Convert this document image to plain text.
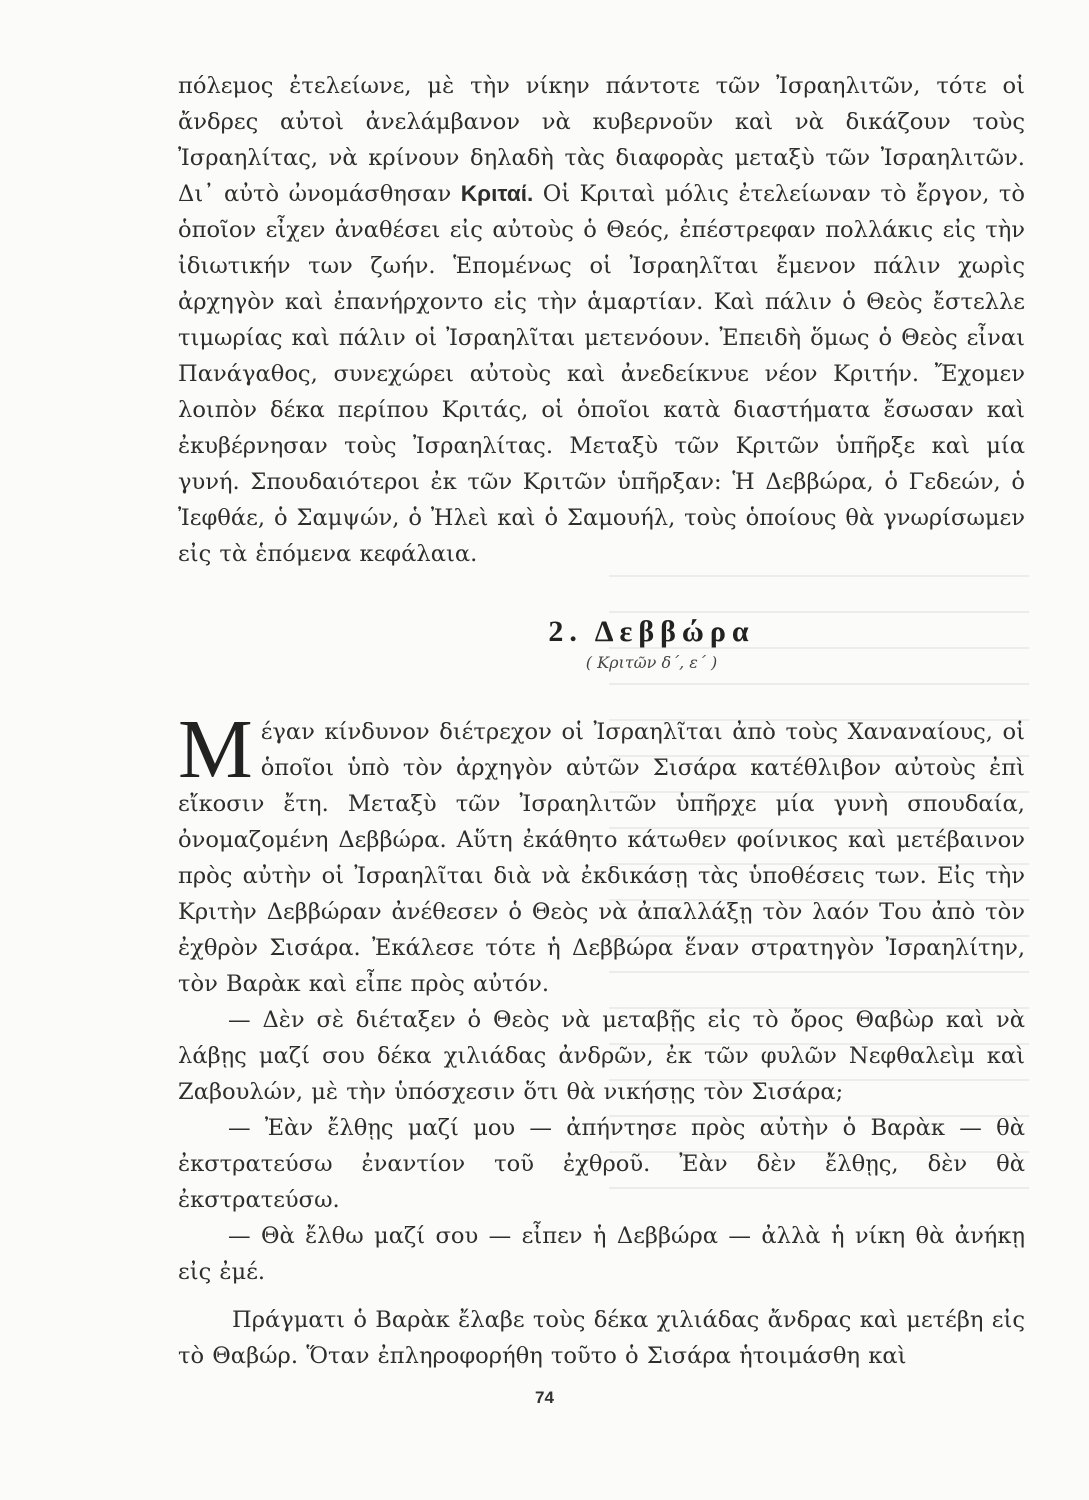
πόλεμος ἐτελείωνε, μὲ τὴν νίκην πάντοτε τῶν Ἰσραηλιτῶν, τότε οἱ ἄνδρες αὐτοὶ ἀνελάμβανον νὰ κυβερνοῦν καὶ νὰ δικάζουν τοὺς Ἰσραηλίτας, νὰ κρίνουν δηλαδὴ τὰς διαφορὰς μεταξὺ τῶν Ἰσραηλιτῶν. Δι᾽ αὐτὸ ὠνομάσθησαν Κριταί. Οἱ Κριταὶ μόλις ἐτελείωναν τὸ ἔργον, τὸ ὁποῖον εἶχεν ἀναθέσει εἰς αὐτοὺς ὁ Θεός, ἐπέστρεφαν πολλάκις εἰς τὴν ἰδιωτικήν των ζωήν. Ἑπομένως οἱ Ἰσραηλῖται ἔμενον πάλιν χωρὶς ἀρχηγὸν καὶ ἐπανήρχοντο εἰς τὴν ἁμαρτίαν. Καὶ πάλιν ὁ Θεὸς ἔστελλε τιμωρίας καὶ πάλιν οἱ Ἰσραηλῖται μετενόουν. Ἐπειδὴ ὅμως ὁ Θεὸς εἶναι Πανάγαθος, συνεχώρει αὐτοὺς καὶ ἀνεδείκνυε νέον Κριτήν. Ἔχομεν λοιπὸν δέκα περίπου Κριτάς, οἱ ὁποῖοι κατὰ διαστήματα ἔσωσαν καὶ ἐκυβέρνησαν τοὺς Ἰσραηλίτας. Μεταξὺ τῶν Κριτῶν ὑπῆρξε καὶ μία γυνή. Σπουδαιότεροι ἐκ τῶν Κριτῶν ὑπῆρξαν: Ἡ Δεββώρα, ὁ Γεδεών, ὁ Ἰεφθάε, ὁ Σαμψών, ὁ Ἠλεὶ καὶ ὁ Σαμουήλ, τοὺς ὁποίους θὰ γνωρίσωμεν εἰς τὰ ἑπόμενα κεφάλαια.

2. Δεββώρα
( Κριτῶν δ΄, ε΄ )
Μ έγαν κίνδυνον διέτρεχον οἱ Ἰσραηλῖται ἀπὸ τοὺς Χαναναίους, οἱ ὁποῖοι ὑπὸ τὸν ἀρχηγὸν αὐτῶν Σισάρα κατέθλιβον αὐτοὺς ἐπὶ εἴκοσιν ἔτη. Μεταξὺ τῶν Ἰσραηλιτῶν ὑπῆρχε μία γυνὴ σπουδαία, ὀνομαζομένη Δεββώρα. Αὕτη ἐκάθητο κάτωθεν φοίνικος καὶ μετέβαινον πρὸς αὐτὴν οἱ Ἰσραηλῖται διὰ νὰ ἐκδικάσῃ τὰς ὑποθέσεις των. Εἰς τὴν Κριτὴν Δεββώραν ἀνέθεσεν ὁ Θεὸς νὰ ἀπαλλάξῃ τὸν λαόν Του ἀπὸ τὸν ἐχθρὸν Σισάρα. Ἐκάλεσε τότε ἡ Δεββώρα ἕναν στρατηγὸν Ἰσραηλίτην, τὸν Βαρὰκ καὶ εἶπε πρὸς αὐτόν.

— Δὲν σὲ διέταξεν ὁ Θεὸς νὰ μεταβῇς εἰς τὸ ὄρος Θαβὼρ καὶ νὰ λάβῃς μαζί σου δέκα χιλιάδας ἀνδρῶν, ἐκ τῶν φυλῶν Νεφθαλεὶμ καὶ Ζαβουλών, μὲ τὴν ὑπόσχεσιν ὅτι θὰ νικήσῃς τὸν Σισάρα;

— Ἐὰν ἔλθῃς μαζί μου — ἀπήντησε πρὸς αὐτὴν ὁ Βαρὰκ — θὰ ἐκστρατεύσω ἐναντίον τοῦ ἐχθροῦ. Ἐὰν δὲν ἔλθῃς, δὲν θὰ ἐκστρατεύσω.

— Θὰ ἔλθω μαζί σου — εἶπεν ἡ Δεββώρα — ἀλλὰ ἡ νίκη θὰ ἀνήκῃ εἰς ἐμέ.

Πράγματι ὁ Βαρὰκ ἔλαβε τοὺς δέκα χιλιάδας ἄνδρας καὶ μετέβη εἰς τὸ Θαβώρ. Ὅταν ἐπληροφορήθη τοῦτο ὁ Σισάρα ἡτοιμάσθη καὶ

74
